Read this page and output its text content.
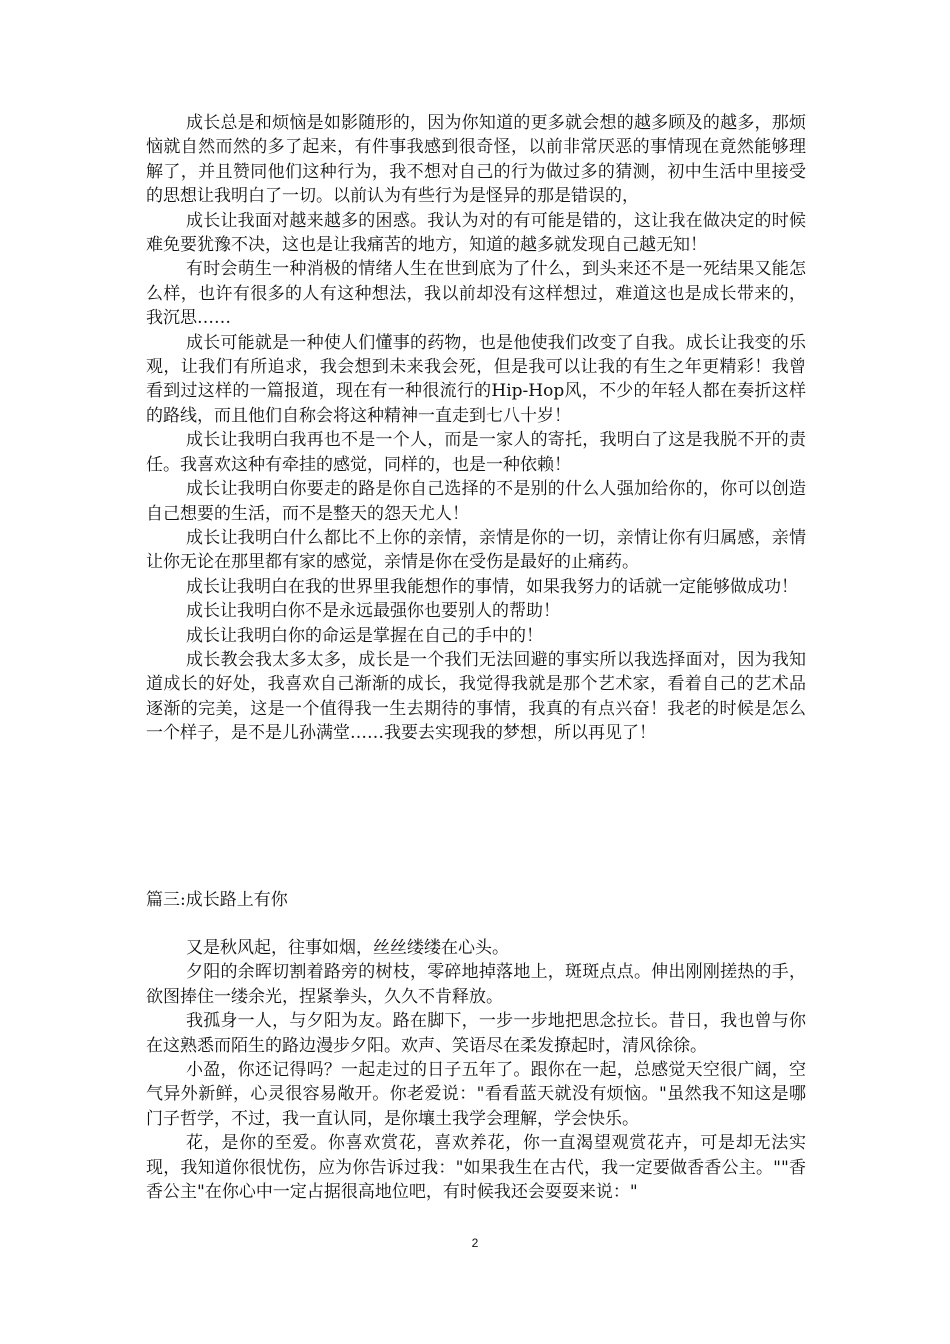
成长总是和烦恼是如影随形的，因为你知道的更多就会想的越多顾及的越多，那烦恼就自然而然的多了起来，有件事我感到很奇怪，以前非常厌恶的事情现在竟然能够理解了，并且赞同他们这种行为，我不想对自己的行为做过多的猜测，初中生活中里接受的思想让我明白了一切。以前认为有些行为是怪异的那是错误的，

成长让我面对越来越多的困惑。我认为对的有可能是错的，这让我在做决定的时候难免要犹豫不决，这也是让我痛苦的地方，知道的越多就发现自己越无知！

有时会萌生一种消极的情绪人生在世到底为了什么，到头来还不是一死结果又能怎么样，也许有很多的人有这种想法，我以前却没有这样想过，难道这也是成长带来的，我沉思……

成长可能就是一种使人们懂事的药物，也是他使我们改变了自我。成长让我变的乐观，让我们有所追求，我会想到未来我会死，但是我可以让我的有生之年更精彩！我曾看到过这样的一篇报道，现在有一种很流行的Hip-Hop风，不少的年轻人都在奏折这样的路线，而且他们自称会将这种精神一直走到七八十岁！

成长让我明白我再也不是一个人，而是一家人的寄托，我明白了这是我脱不开的责任。我喜欢这种有牵挂的感觉，同样的，也是一种依赖！

成长让我明白你要走的路是你自己选择的不是别的什么人强加给你的，你可以创造自己想要的生活，而不是整天的怨天尤人！

成长让我明白什么都比不上你的亲情，亲情是你的一切，亲情让你有归属感，亲情让你无论在那里都有家的感觉，亲情是你在受伤是最好的止痛药。

成长让我明白在我的世界里我能想作的事情，如果我努力的话就一定能够做成功！

成长让我明白你不是永远最强你也要别人的帮助！

成长让我明白你的命运是掌握在自己的手中的！

成长教会我太多太多，成长是一个我们无法回避的事实所以我选择面对，因为我知道成长的好处，我喜欢自己渐渐的成长，我觉得我就是那个艺术家，看着自己的艺术品逐渐的完美，这是一个值得我一生去期待的事情，我真的有点兴奋！我老的时候是怎么一个样子，是不是儿孙满堂……我要去实现我的梦想，所以再见了！

篇三:成长路上有你

又是秋风起，往事如烟，丝丝缕缕在心头。

夕阳的余晖切割着路旁的树枝，零碎地掉落地上，斑斑点点。伸出刚刚搓热的手，欲图捧住一缕余光，捏紧拳头，久久不肯释放。

我孤身一人，与夕阳为友。路在脚下，一步一步地把思念拉长。昔日，我也曾与你在这熟悉而陌生的路边漫步夕阳。欢声、笑语尽在柔发撩起时，清风徐徐。

小盈，你还记得吗？一起走过的日子五年了。跟你在一起，总感觉天空很广阔，空气异外新鲜，心灵很容易敞开。你老爱说："看看蓝天就没有烦恼。"虽然我不知这是哪门子哲学，不过，我一直认同，是你壤土我学会理解，学会快乐。

花，是你的至爱。你喜欢赏花，喜欢养花，你一直渴望观赏花卉，可是却无法实现，我知道你很忧伤，应为你告诉过我："如果我生在古代，我一定要做香香公主。""香香公主"在你心中一定占据很高地位吧，有时候我还会耍耍来说："

2
